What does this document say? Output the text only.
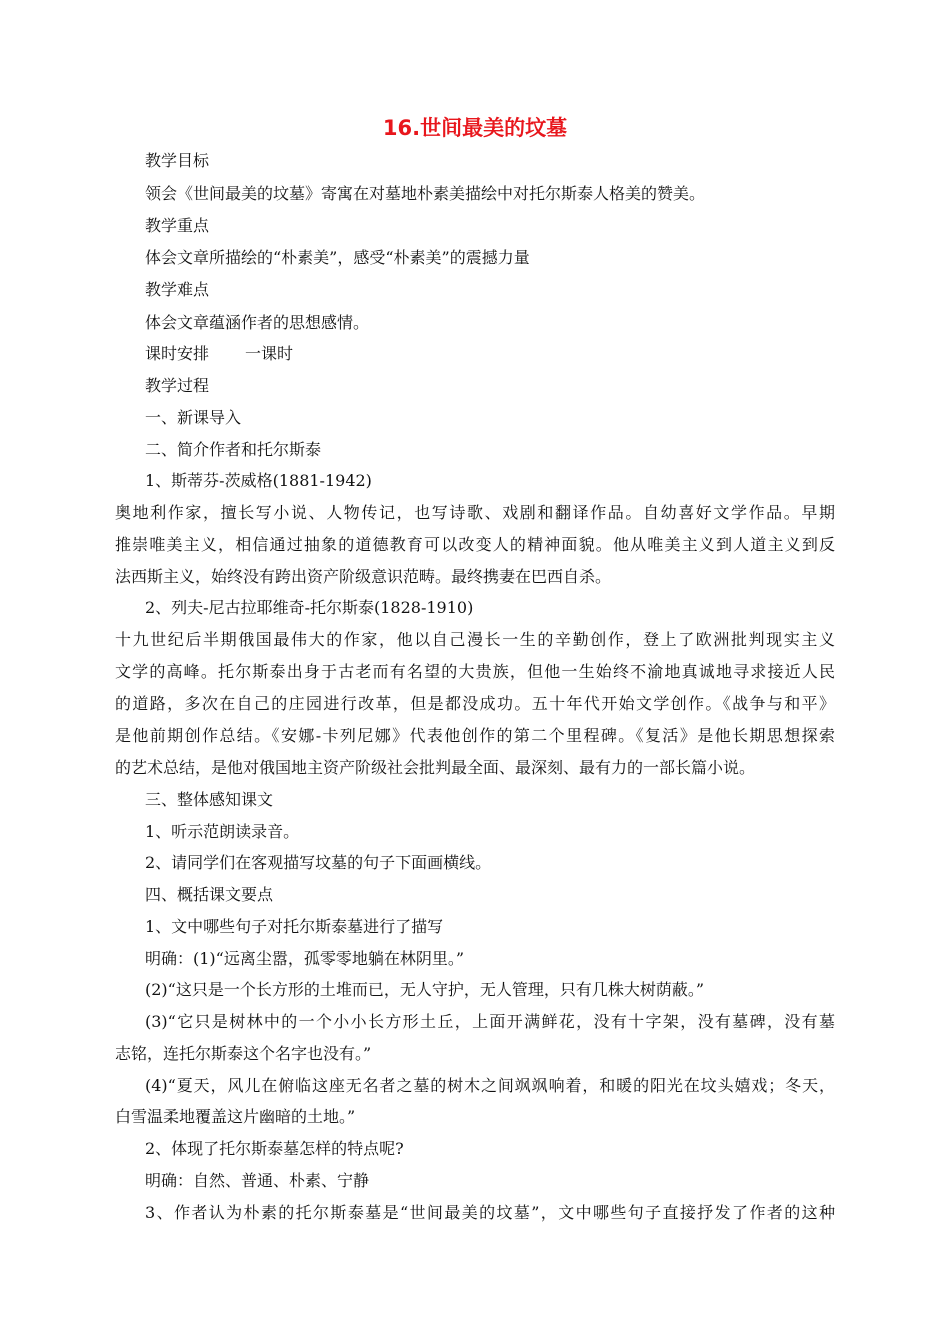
16.世间最美的坟墓
教学目标
领会《世间最美的坟墓》寄寓在对墓地朴素美描绘中对托尔斯泰人格美的赞美。
教学重点
体会文章所描绘的“朴素美”，感受“朴素美”的震撼力量
教学难点
体会文章蕴涵作者的思想感情。
课时安排 一课时
教学过程
一、新课导入
二、简介作者和托尔斯泰
1、斯蒂芬-茨威格(1881-1942)
奥地利作家，擅长写小说、人物传记，也写诗歌、戏剧和翻译作品。自幼喜好文学作品。早期
推崇唯美主义，相信通过抽象的道德教育可以改变人的精神面貌。他从唯美主义到人道主义到反
法西斯主义，始终没有跨出资产阶级意识范畴。最终携妻在巴西自杀。
2、列夫-尼古拉耶维奇-托尔斯泰(1828-1910)
十九世纪后半期俄国最伟大的作家，他以自己漫长一生的辛勤创作，登上了欧洲批判现实主义
文学的高峰。托尔斯泰出身于古老而有名望的大贵族，但他一生始终不渝地真诚地寻求接近人民
的道路，多次在自己的庄园进行改革，但是都没成功。五十年代开始文学创作。《战争与和平》
是他前期创作总结。《安娜-卡列尼娜》代表他创作的第二个里程碑。《复活》是他长期思想探索
的艺术总结，是他对俄国地主资产阶级社会批判最全面、最深刻、最有力的一部长篇小说。
三、整体感知课文
1、听示范朗读录音。
2、请同学们在客观描写坟墓的句子下面画横线。
四、概括课文要点
1、文中哪些句子对托尔斯泰墓进行了描写
明确：(1)“远离尘嚣，孤零零地躺在林阴里。”
(2)“这只是一个长方形的土堆而已，无人守护，无人管理，只有几株大树荫蔽。”
(3)“它只是树林中的一个小小长方形土丘，上面开满鲜花，没有十字架，没有墓碑，没有墓
志铭，连托尔斯泰这个名字也没有。”
(4)“夏天，风儿在俯临这座无名者之墓的树木之间飒飒响着，和暖的阳光在坟头嬉戏；冬天，
白雪温柔地覆盖这片幽暗的土地。”
2、体现了托尔斯泰墓怎样的特点呢?
明确：自然、普通、朴素、宁静
3、作者认为朴素的托尔斯泰墓是“世间最美的坟墓”，文中哪些句子直接抒发了作者的这种
